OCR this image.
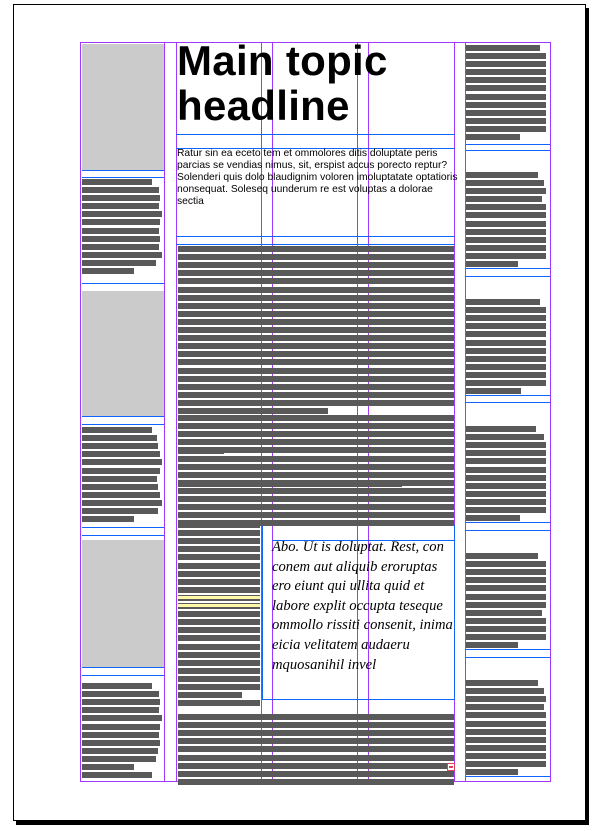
Main topic headline

Ratur sin ea eceto tem et ommolores ditis doluptate peris parcias se vendias nimus, sit, erspist accus porecto reptur? Solenderi quis dolo blaudignim voloren imoluptatate optatioris nonsequat. Soleseq uunderum re est voluptas a dolorae sectia

Abo. Ut is doluptat. Rest, con conem aut aliquib eroruptas ero eiunt qui ullita quid et labore explit occupta teseque ommollo rissiti consenit, inima eicia velitatem audaeru mquosanihil invel
